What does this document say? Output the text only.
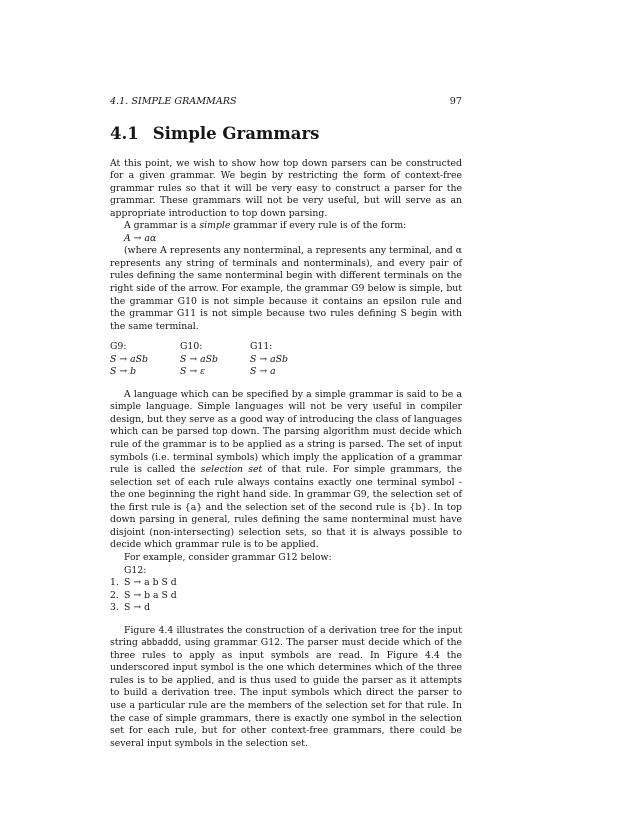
4.1. SIMPLE GRAMMARS	97
4.1 Simple Grammars

At this point, we wish to show how top down parsers can be constructed for a given grammar. We begin by restricting the form of context-free grammar rules so that it will be very easy to construct a parser for the grammar. These grammars will not be very useful, but will serve as an appropriate introduction to top down parsing.

A grammar is a simple grammar if every rule is of the form:

A → aα

(where A represents any nonterminal, a represents any terminal, and α represents any string of terminals and nonterminals), and every pair of rules defining the same nonterminal begin with different terminals on the right side of the arrow. For example, the grammar G9 below is simple, but the grammar G10 is not simple because it contains an epsilon rule and the grammar G11 is not simple because two rules defining S begin with the same terminal.

G9:
S → aSb
S → b
G10:
S → aSb
S → ε
G11:
S → aSb
S → a

A language which can be specified by a simple grammar is said to be a simple language. Simple languages will not be very useful in compiler design, but they serve as a good way of introducing the class of languages which can be parsed top down. The parsing algorithm must decide which rule of the grammar is to be applied as a string is parsed. The set of input symbols (i.e. terminal symbols) which imply the application of a grammar rule is called the selection set of that rule. For simple grammars, the selection set of each rule always contains exactly one terminal symbol - the one beginning the right hand side. In grammar G9, the selection set of the first rule is {a} and the selection set of the second rule is {b}. In top down parsing in general, rules defining the same nonterminal must have disjoint (non-intersecting) selection sets, so that it is always possible to decide which grammar rule is to be applied.

For example, consider grammar G12 below:

G12:

1. S → a b S d
2. S → b a S d
3. S → d

Figure 4.4 illustrates the construction of a derivation tree for the input string abbaddd, using grammar G12. The parser must decide which of the three rules to apply as input symbols are read. In Figure 4.4 the underscored input symbol is the one which determines which of the three rules is to be applied, and is thus used to guide the parser as it attempts to build a derivation tree. The input symbols which direct the parser to use a particular rule are the members of the selection set for that rule. In the case of simple grammars, there is exactly one symbol in the selection set for each rule, but for other context-free grammars, there could be several input symbols in the selection set.
